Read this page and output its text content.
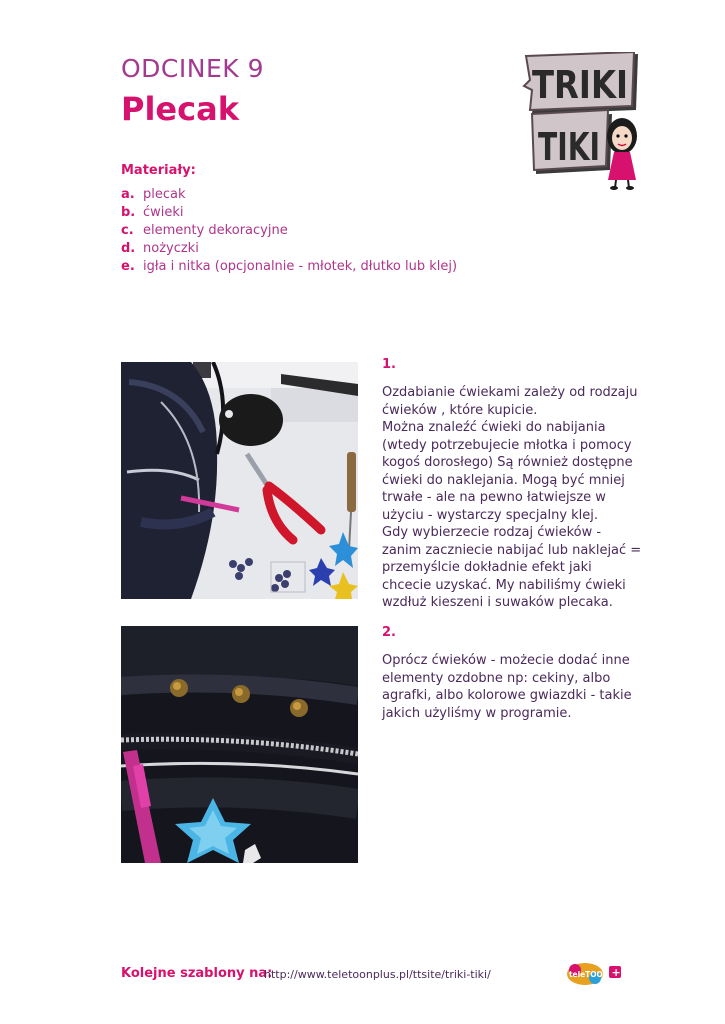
ODCINEK 9
Plecak
TRIKI
TIKI
Materiały:
a. plecak
b. ćwieki
c. elementy dekoracyjne
d. nożyczki
e. igła i nitka (opcjonalnie - młotek, dłutko lub klej)
1.

Ozdabianie ćwiekami zależy od rodzaju

ćwieków , które kupicie.

Można znaleźć ćwieki do nabijania

(wtedy potrzebujecie młotka i pomocy

kogoś dorosłego) Są również dostępne

ćwieki do naklejania. Mogą być mniej

trwałe - ale na pewno łatwiejsze w

użyciu - wystarczy specjalny klej.

Gdy wybierzecie rodzaj ćwieków -

zanim zaczniecie nabijać lub naklejać =

przemyślcie dokładnie efekt jaki

chcecie uzyskać. My nabiliśmy ćwieki

wzdłuż kieszeni i suwaków plecaka.

2.

Oprócz ćwieków - możecie dodać inne

elementy ozdobne np: cekiny, albo

agrafki, albo kolorowe gwiazdki - takie

jakich użyliśmy w programie.

Kolejne szablony na:
http://www.teletoonplus.pl/ttsite/triki-tiki/	teleTOON +
